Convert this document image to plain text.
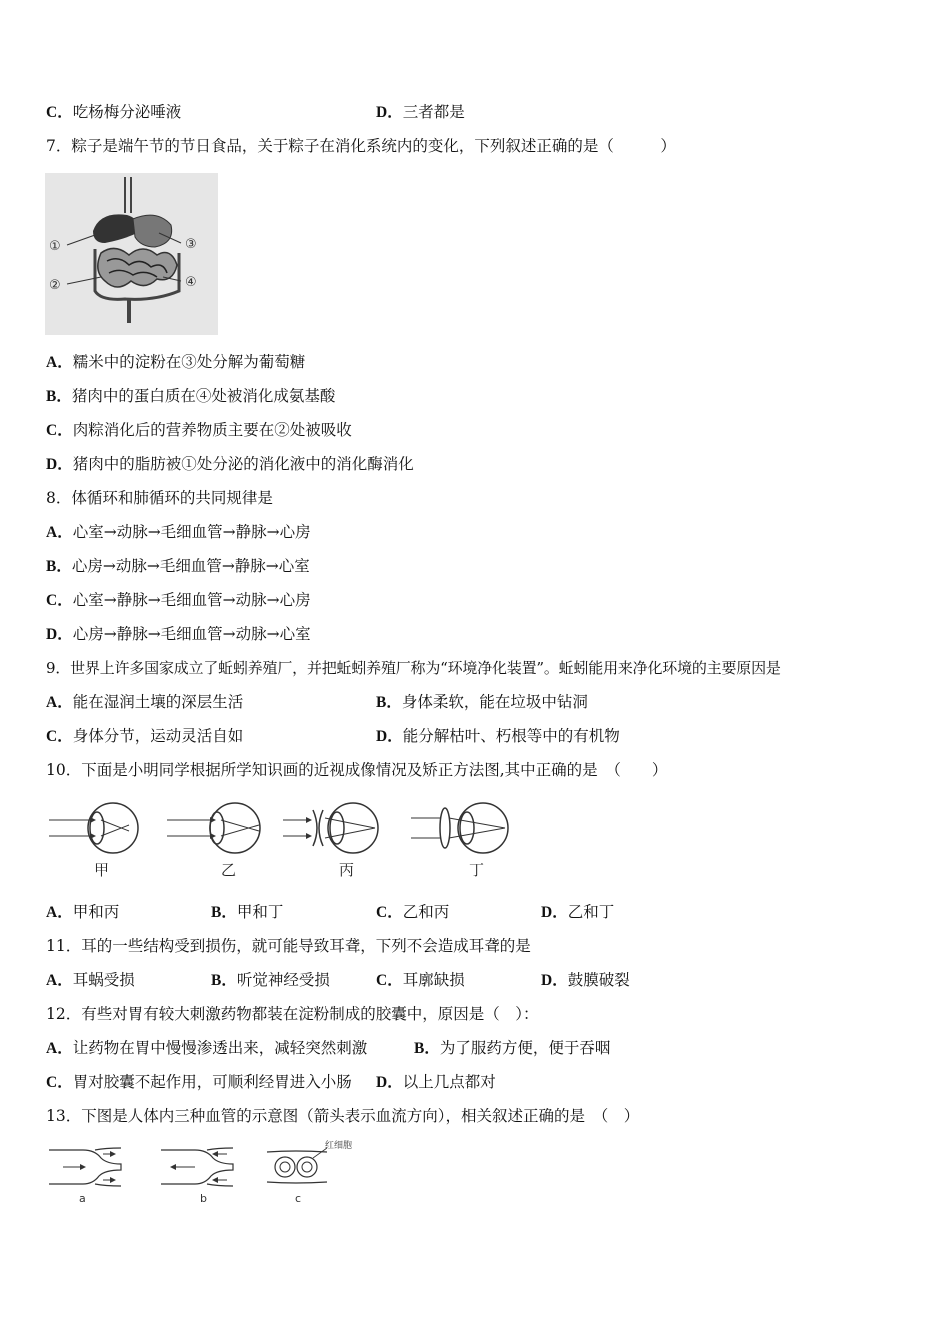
C．吃杨梅分泌唾液	D．三者都是
7．粽子是端午节的节日食品，关于粽子在消化系统内的变化，下列叙述正确的是（　　　）
①
②
③
④
A．糯米中的淀粉在③处分解为葡萄糖
B．猪肉中的蛋白质在④处被消化成氨基酸
C．肉粽消化后的营养物质主要在②处被吸收
D．猪肉中的脂肪被①处分泌的消化液中的消化酶消化
8．体循环和肺循环的共同规律是
A．心室→动脉→毛细血管→静脉→心房
B．心房→动脉→毛细血管→静脉→心室
C．心室→静脉→毛细血管→动脉→心房
D．心房→静脉→毛细血管→动脉→心室
9．世界上许多国家成立了蚯蚓养殖厂，并把蚯蚓养殖厂称为“环境净化装置”。蚯蚓能用来净化环境的主要原因是
A．能在湿润土壤的深层生活	B．身体柔软，能在垃圾中钻洞
C．身体分节，运动灵活自如	D．能分解枯叶、朽根等中的有机物
10．下面是小明同学根据所学知识画的近视成像情况及矫正方法图,其中正确的是　（　　）
甲	乙	丙	丁
A．甲和丙	B．甲和丁	C．乙和丙	D．乙和丁
11．耳的一些结构受到损伤，就可能导致耳聋，下列不会造成耳聋的是
A．耳蜗受损	B．听觉神经受损	C．耳廓缺损	D．鼓膜破裂
12．有些对胃有较大刺激药物都装在淀粉制成的胶囊中，原因是（　）：
A．让药物在胃中慢慢渗透出来，减轻突然刺激	B．为了服药方便，便于吞咽
C．胃对胶囊不起作用，可顺利经胃进入小肠 D．以上几点都对
13．下图是人体内三种血管的示意图（箭头表示血流方向），相关叙述正确的是　（　）
a	b
红细胞
c
